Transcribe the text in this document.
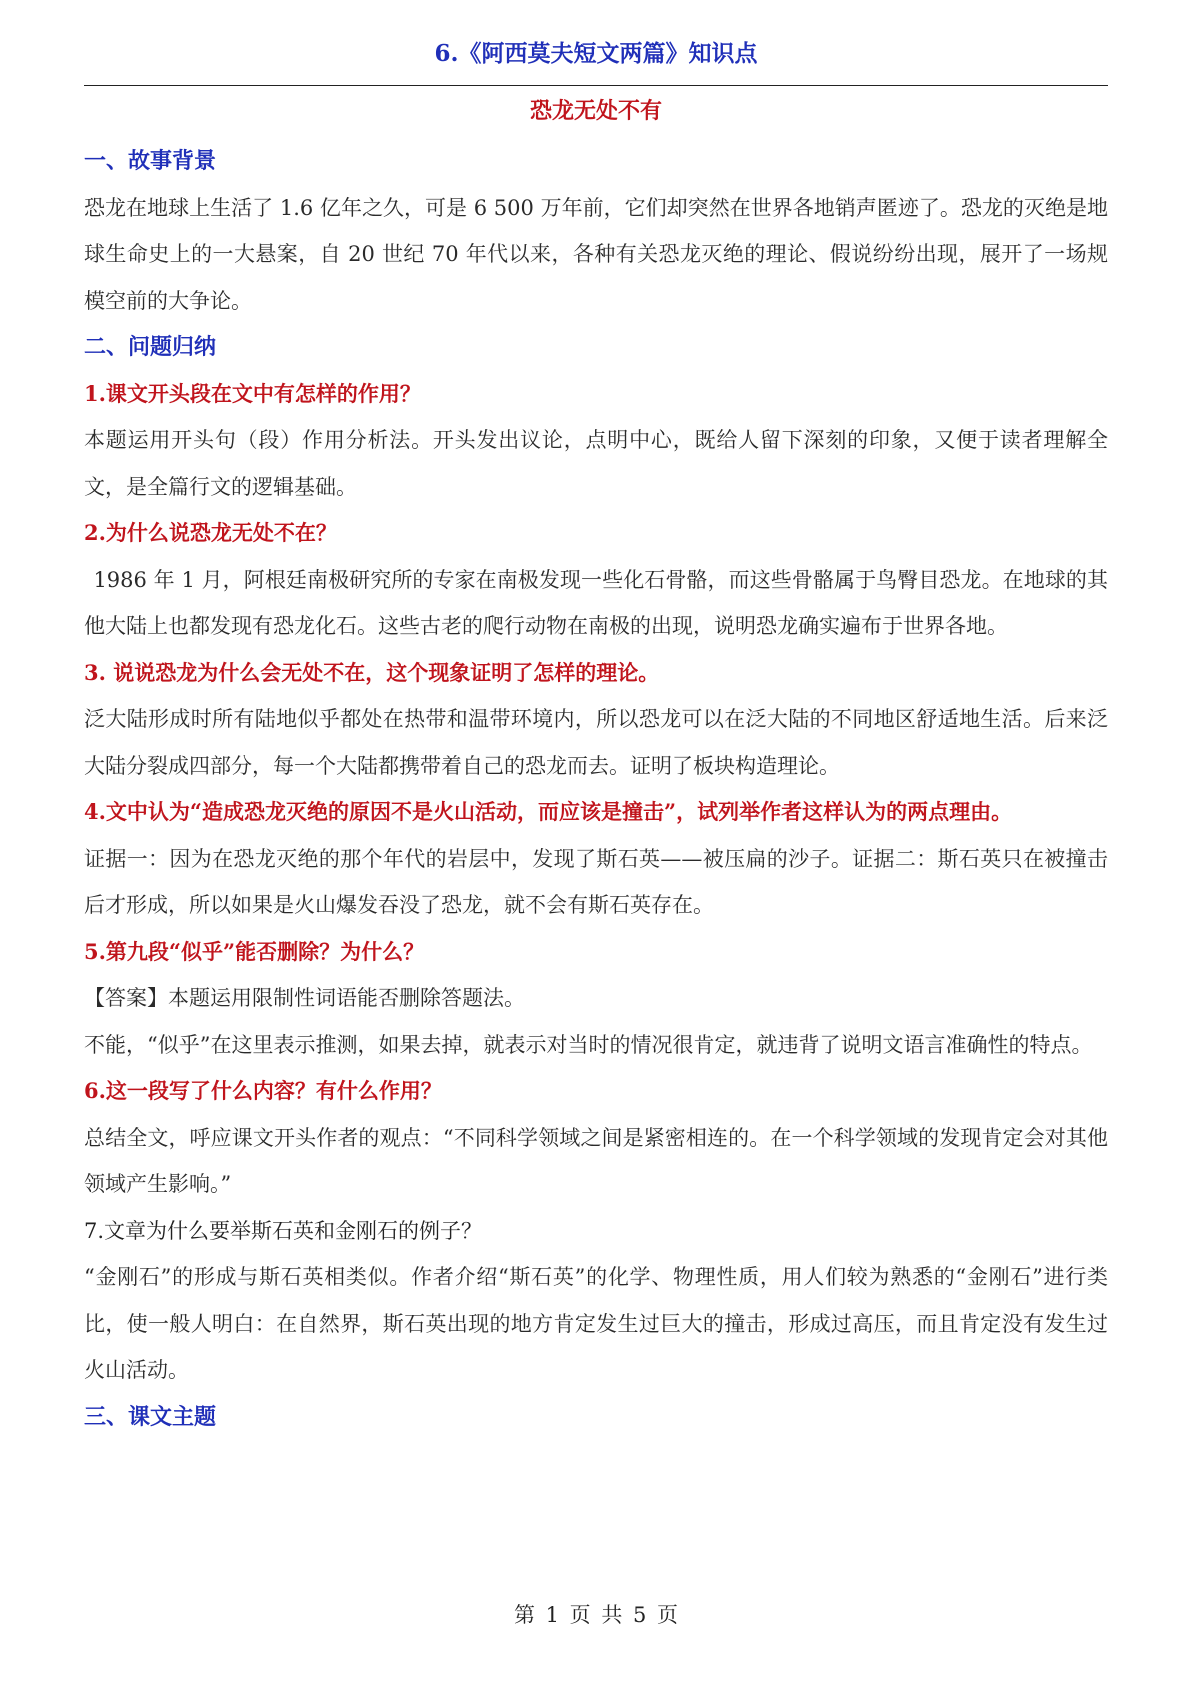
6.《阿西莫夫短文两篇》知识点
恐龙无处不有
一、故事背景

恐龙在地球上生活了 1.6 亿年之久，可是 6 500 万年前，它们却突然在世界各地销声匿迹了。恐龙的灭绝是地球生命史上的一大悬案，自 20 世纪 70 年代以来，各种有关恐龙灭绝的理论、假说纷纷出现，展开了一场规模空前的大争论。

二、问题归纳
1.课文开头段在文中有怎样的作用？

本题运用开头句（段）作用分析法。开头发出议论，点明中心，既给人留下深刻的印象，又便于读者理解全文，是全篇行文的逻辑基础。

2.为什么说恐龙无处不在？

1986 年 1 月，阿根廷南极研究所的专家在南极发现一些化石骨骼，而这些骨骼属于鸟臀目恐龙。在地球的其他大陆上也都发现有恐龙化石。这些古老的爬行动物在南极的出现，说明恐龙确实遍布于世界各地。

3. 说说恐龙为什么会无处不在，这个现象证明了怎样的理论。

泛大陆形成时所有陆地似乎都处在热带和温带环境内，所以恐龙可以在泛大陆的不同地区舒适地生活。后来泛大陆分裂成四部分，每一个大陆都携带着自己的恐龙而去。证明了板块构造理论。

4.文中认为“造成恐龙灭绝的原因不是火山活动，而应该是撞击”，试列举作者这样认为的两点理由。

证据一：因为在恐龙灭绝的那个年代的岩层中，发现了斯石英——被压扁的沙子。证据二：斯石英只在被撞击后才形成，所以如果是火山爆发吞没了恐龙，就不会有斯石英存在。

5.第九段“似乎”能否删除？为什么？

【答案】本题运用限制性词语能否删除答题法。

不能，“似乎”在这里表示推测，如果去掉，就表示对当时的情况很肯定，就违背了说明文语言准确性的特点。

6.这一段写了什么内容？有什么作用？

总结全文，呼应课文开头作者的观点：“不同科学领域之间是紧密相连的。在一个科学领域的发现肯定会对其他领域产生影响。”

7.文章为什么要举斯石英和金刚石的例子？

“金刚石”的形成与斯石英相类似。作者介绍“斯石英”的化学、物理性质，用人们较为熟悉的“金刚石”进行类比，使一般人明白：在自然界，斯石英出现的地方肯定发生过巨大的撞击，形成过高压，而且肯定没有发生过火山活动。

三、课文主题
第 1 页 共 5 页
